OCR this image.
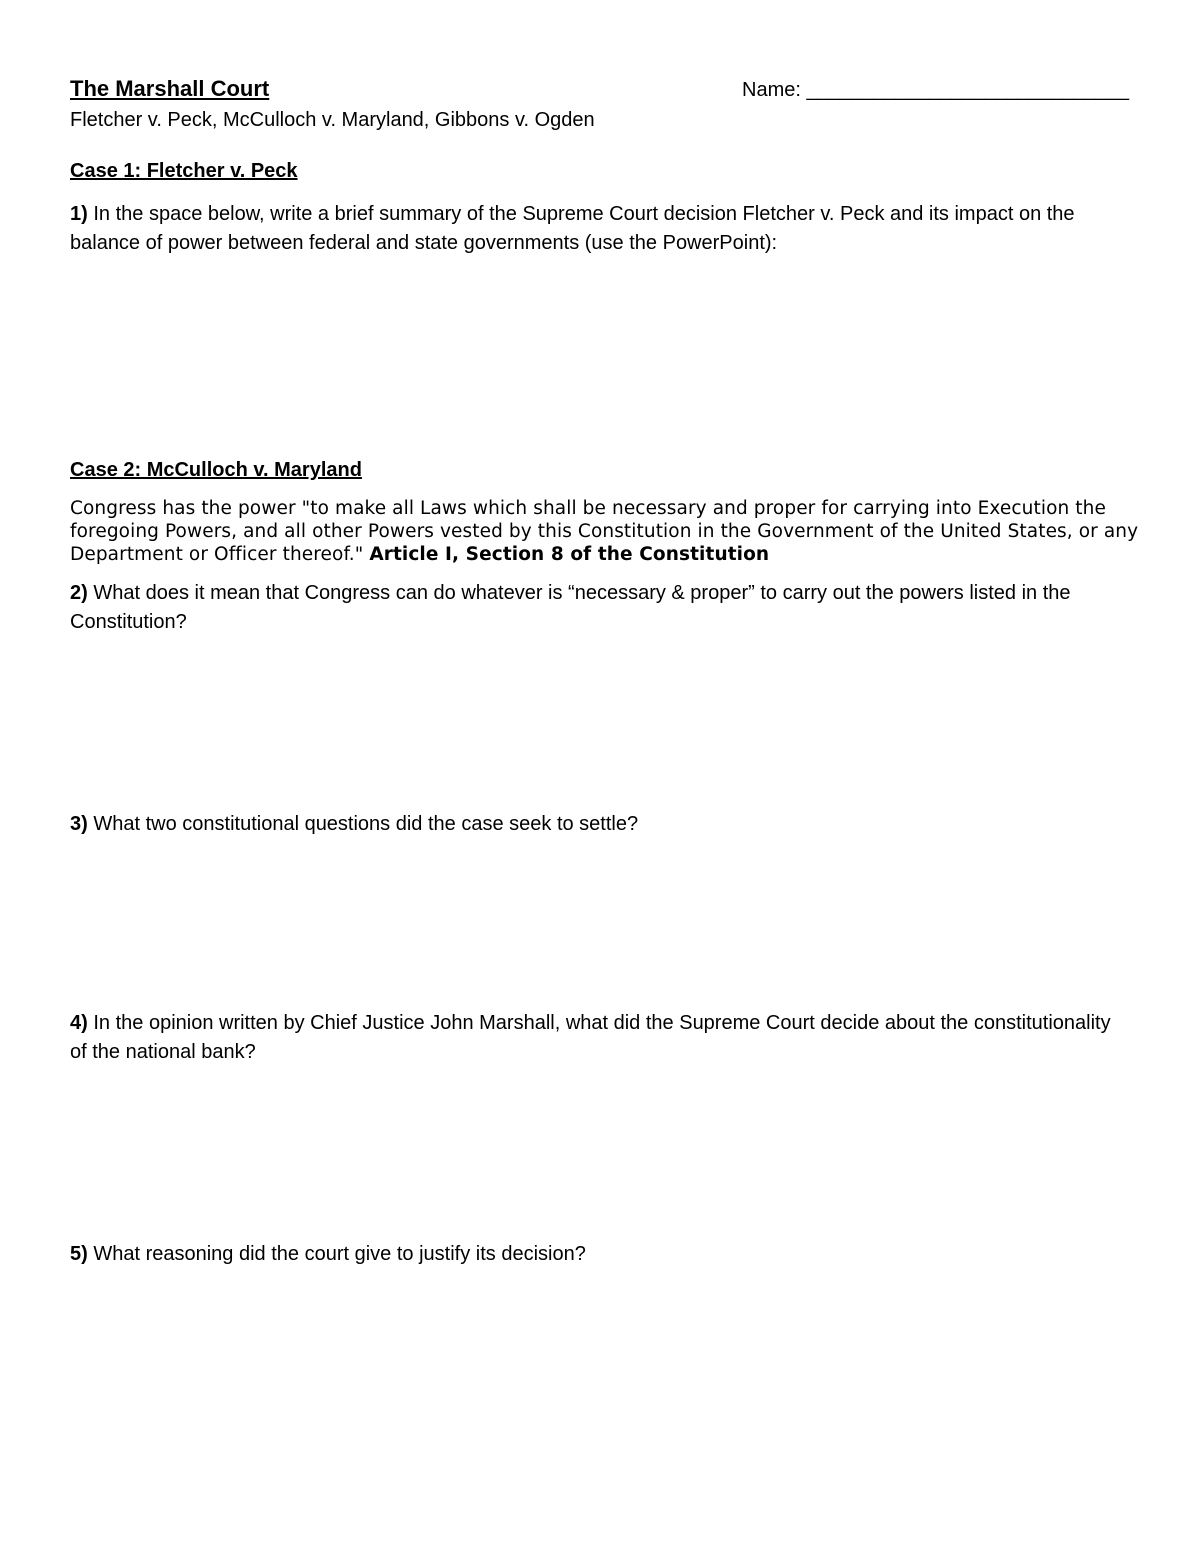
The Marshall Court	Name: _____________________________
Fletcher v. Peck, McCulloch v. Maryland, Gibbons v. Ogden
Case 1: Fletcher v. Peck
1) In the space below, write a brief summary of the Supreme Court decision Fletcher v. Peck and its impact on the balance of power between federal and state governments (use the PowerPoint):
Case 2: McCulloch v. Maryland
Congress has the power "to make all Laws which shall be necessary and proper for carrying into Execution the foregoing Powers, and all other Powers vested by this Constitution in the Government of the United States, or any Department or Officer thereof." Article I, Section 8 of the Constitution
2) What does it mean that Congress can do whatever is “necessary & proper” to carry out the powers listed in the Constitution?
3) What two constitutional questions did the case seek to settle?
4) In the opinion written by Chief Justice John Marshall, what did the Supreme Court decide about the constitutionality of the national bank?
5) What reasoning did the court give to justify its decision?
